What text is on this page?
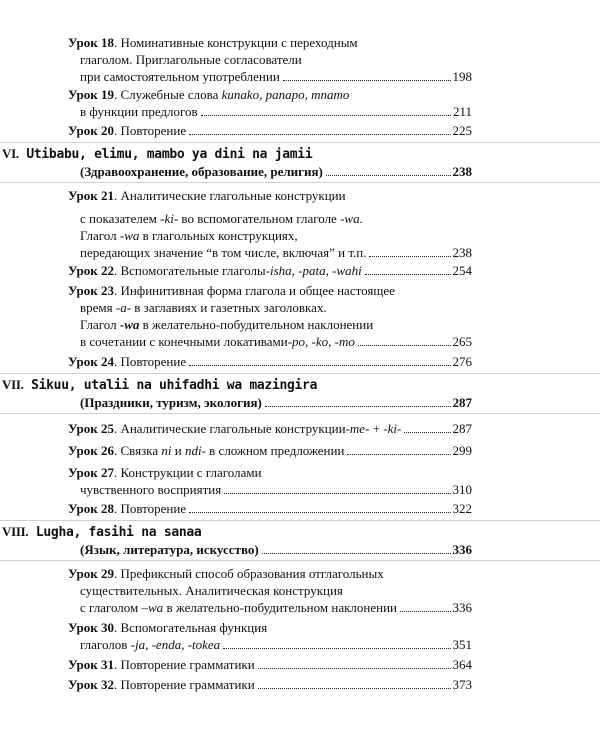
Урок 18. Номинативные конструкции с переходным
глаголом. Приглагольные согласователи
при самостоятельном употреблении	198
Урок 19. Служебные слова kunako, panapo, mnamo
в функции предлогов	211
Урок 20 . Повторение	225
VI. Utibabu, elimu, mambo ya dini na jamii
(Здравоохранение, образование, религия)	238
Урок 21. Аналитические глагольные конструкции
с показателем -ki- во вспомогательном глаголе -wa.
Глагол -wa в глагольных конструкциях,
передающих значение “в том числе, включая” и т.п.	238
Урок 22 . Вспомогательные глаголы -isha, -pata, -wahi	254
Урок 23. Инфинитивная форма глагола и общее настоящее
время -a- в заглавиях и газетных заголовках.
Глагол -wa в желательно-побудительном наклонении
в сочетании с конечными локативами -po, -ko, -mo	265
Урок 24 . Повторение	276
VII. Sikuu, utalii na uhifadhi wa mazingira
(Праздники, туризм, экология)	287
Урок 25 . Аналитические глагольные конструкции -me- + -ki-	287
Урок 26 . Связка ni и ndi- в сложном предложении	299
Урок 27. Конструкции с глаголами
чувственного восприятия	310
Урок 28 . Повторение	322
VIII. Lugha, fasihi na sanaa
(Язык, литература, искусство)	336
Урок 29. Префиксный способ образования отглагольных
существительных. Аналитическая конструкция
с глаголом –wa в желательно-побудительном наклонении	336
Урок 30. Вспомогательная функция
глаголов -ja, -enda, -tokea	351
Урок 31 . Повторение грамматики	364
Урок 32 . Повторение грамматики	373
